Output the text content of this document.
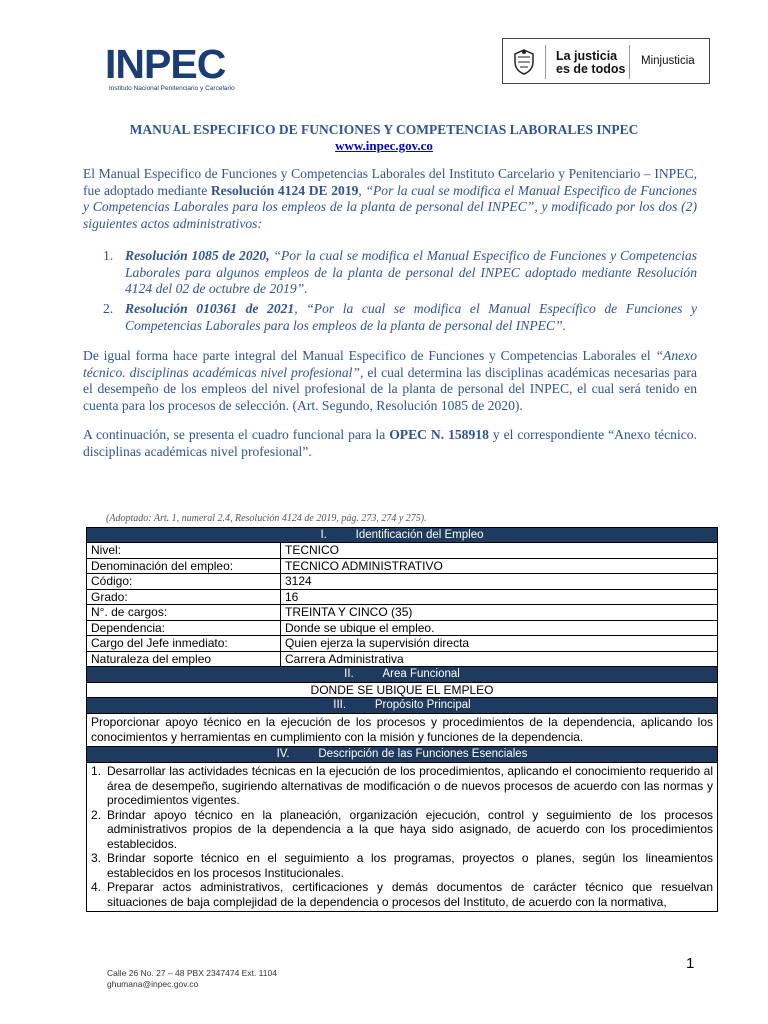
INPEC
Instituto Nacional Penitenciario y Carcelario
La justicia
es de todos
Minjusticia
MANUAL ESPECIFICO DE FUNCIONES Y COMPETENCIAS LABORALES INPEC
www.inpec.gov.co
El Manual Especifico de Funciones y Competencias Laborales del Instituto Carcelario y Penitenciario – INPEC, fue adoptado mediante Resolución 4124 DE 2019, “Por la cual se modifica el Manual Especifico de Funciones y Competencias Laborales para los empleos de la planta de personal del INPEC”, y modificado por los dos (2) siguientes actos administrativos:
1. Resolución 1085 de 2020, “Por la cual se modifica el Manual Especifico de Funciones y Competencias Laborales para algunos empleos de la planta de personal del INPEC adoptado mediante Resolución 4124 del 02 de octubre de 2019”.
2. Resolución 010361 de 2021, “Por la cual se modifica el Manual Específico de Funciones y Competencias Laborales para los empleos de la planta de personal del INPEC”.
De igual forma hace parte integral del Manual Especifico de Funciones y Competencias Laborales el “Anexo técnico. disciplinas académicas nivel profesional”, el cual determina las disciplinas académicas necesarias para el desempeño de los empleos del nivel profesional de la planta de personal del INPEC, el cual será tenido en cuenta para los procesos de selección. (Art. Segundo, Resolución 1085 de 2020).
A continuación, se presenta el cuadro funcional para la OPEC N. 158918 y el correspondiente “Anexo técnico. disciplinas académicas nivel profesional”.
(Adoptado: Art. 1, numeral 2.4, Resolución 4124 de 2019, pág. 273, 274 y 275).
I.	Identificación del Empleo
Nivel:	TECNICO
Denominación del empleo:	TECNICO ADMINISTRATIVO
Código:	3124
Grado:	16
N°. de cargos:	TREINTA Y CINCO (35)
Dependencia:	Donde se ubique el empleo.
Cargo del Jefe inmediato:	Quien ejerza la supervisión directa
Naturaleza del empleo	Carrera Administrativa
II.	Area Funcional
DONDE SE UBIQUE EL EMPLEO
III.	Propósito Principal
Proporcionar apoyo técnico en la ejecución de los procesos y procedimientos de la dependencia, aplicando los conocimientos y herramientas en cumplimiento con la misión y funciones de la dependencia.
IV.	Descripción de las Funciones Esenciales
1. Desarrollar las actividades técnicas en la ejecución de los procedimientos, aplicando el conocimiento requerido al área de desempeño, sugiriendo alternativas de modificación o de nuevos procesos de acuerdo con las normas y procedimientos vigentes.
2. Brindar apoyo técnico en la planeación, organización ejecución, control y seguimiento de los procesos administrativos propios de la dependencia a la que haya sido asignado, de acuerdo con los procedimientos establecidos.
3. Brindar soporte técnico en el seguimiento a los programas, proyectos o planes, según los lineamientos establecidos en los procesos Institucionales.
4. Preparar actos administrativos, certificaciones y demás documentos de carácter técnico que resuelvan situaciones de baja complejidad de la dependencia o procesos del Instituto, de acuerdo con la normativa,
1
Calle 26 No. 27 – 48 PBX 2347474 Ext. 1104
ghumana@inpec.gov.co
